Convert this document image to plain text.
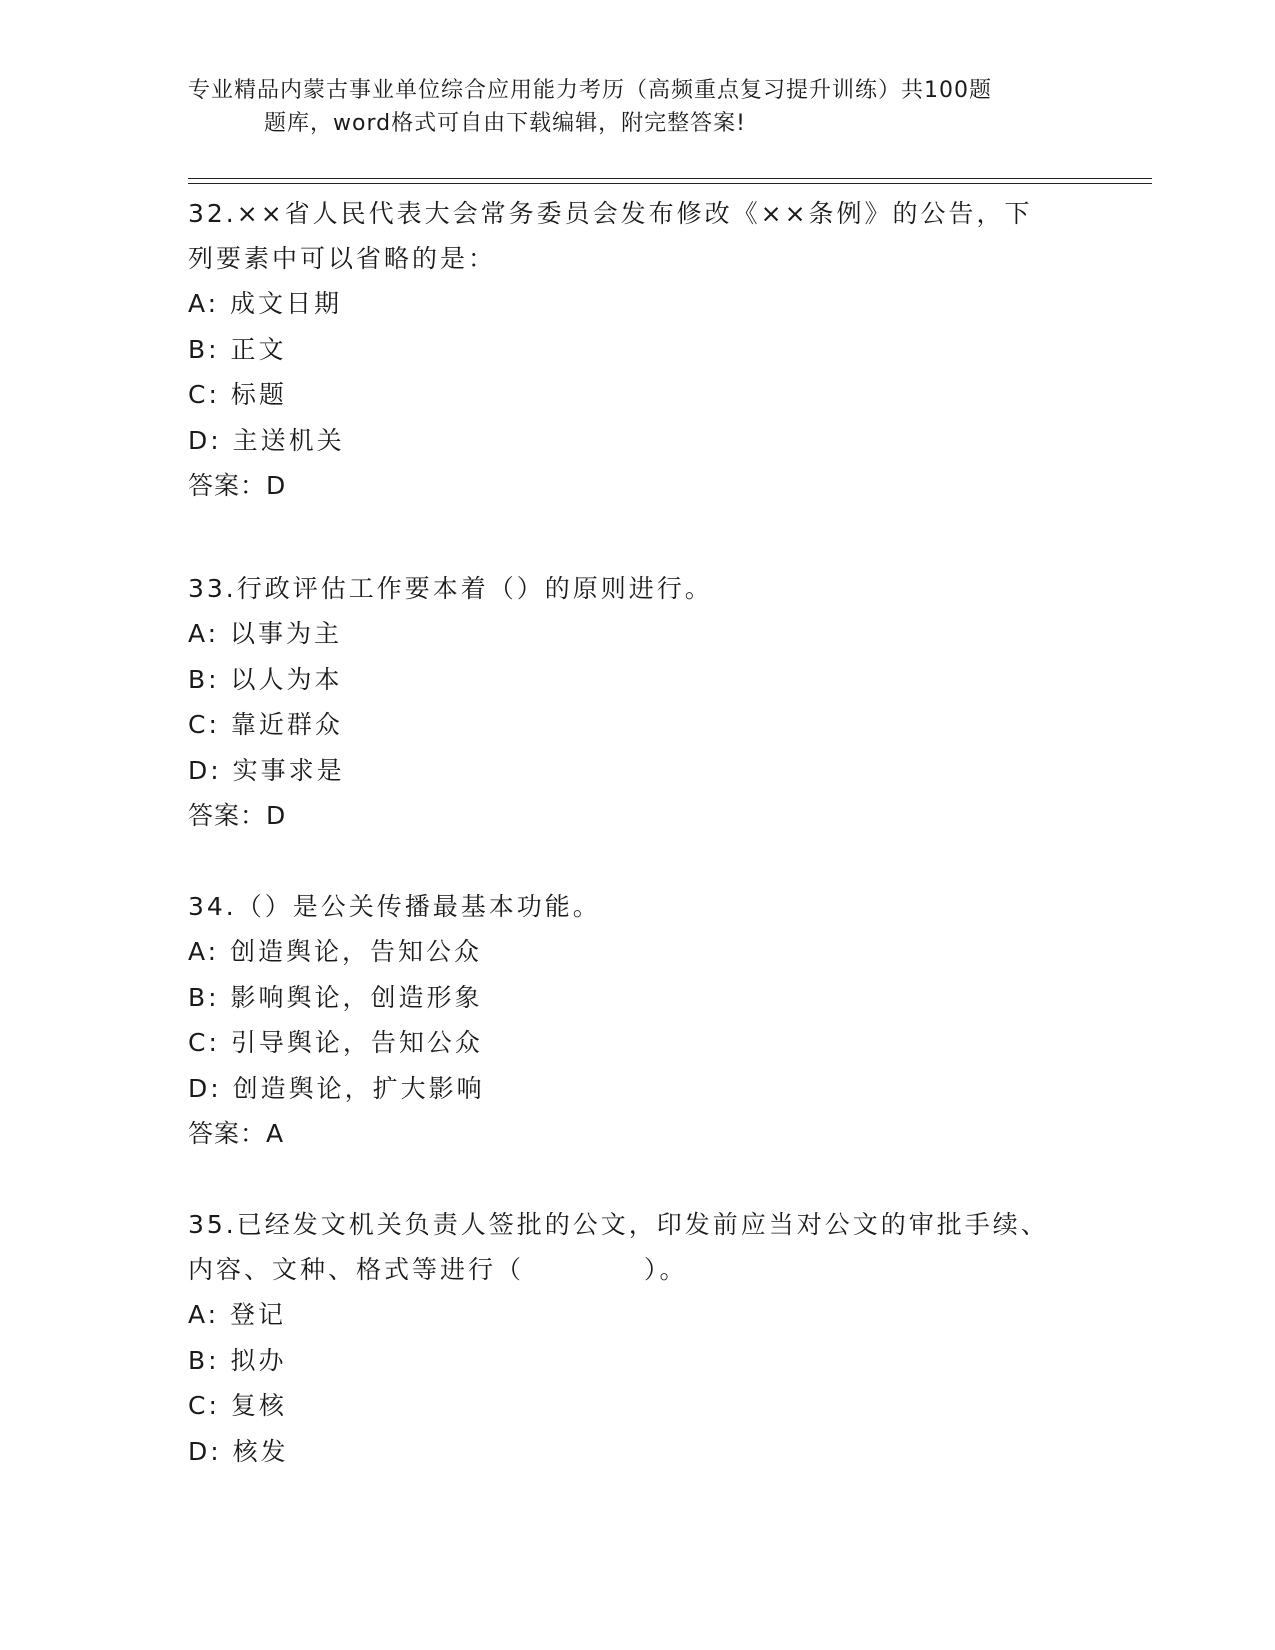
专业精品内蒙古事业单位综合应用能力考历（高频重点复习提升训练）共100题
题库，word格式可自由下载编辑，附完整答案!
32.××省人民代表大会常务委员会发布修改《××条例》的公告，下
列要素中可以省略的是：
A: 成文日期
B: 正文
C: 标题
D: 主送机关
答案：D
33.行政评估工作要本着（）的原则进行。
A: 以事为主
B: 以人为本
C: 靠近群众
D: 实事求是
答案：D
34.（）是公关传播最基本功能。
A: 创造舆论，告知公众
B: 影响舆论，创造形象
C: 引导舆论，告知公众
D: 创造舆论，扩大影响
答案：A
35.已经发文机关负责人签批的公文，印发前应当对公文的审批手续、
内容、文种、格式等进行（	）。
A: 登记
B: 拟办
C: 复核
D: 核发
